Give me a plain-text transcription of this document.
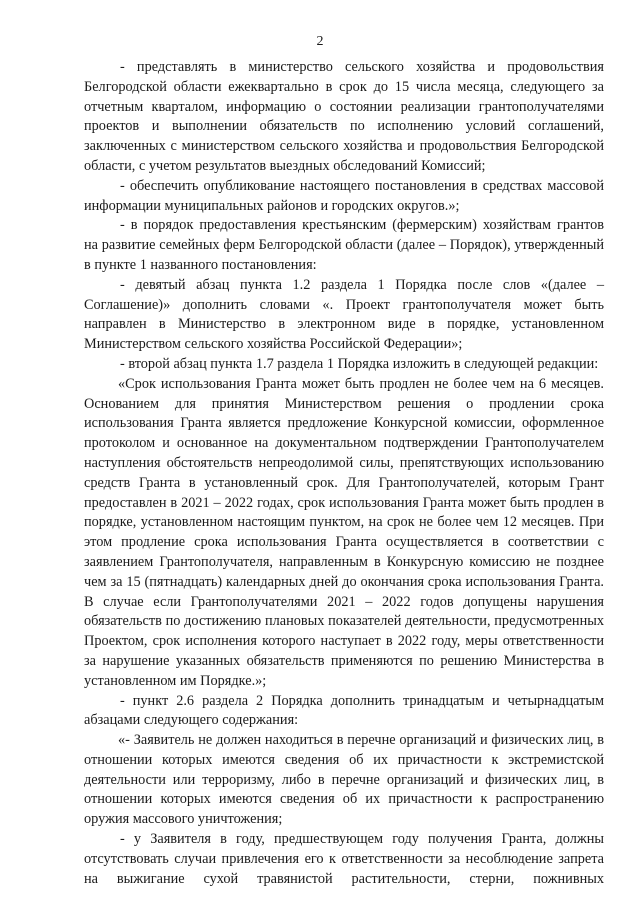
2

- представлять в министерство сельского хозяйства и продовольствия Белгородской области ежеквартально в срок до 15 числа месяца, следующего за отчетным кварталом, информацию о состоянии реализации грантополучателями проектов и выполнении обязательств по исполнению условий соглашений, заключенных с министерством сельского хозяйства и продовольствия Белгородской области, с учетом результатов выездных обследований Комиссий;

- обеспечить опубликование настоящего постановления в средствах массовой информации муниципальных районов и городских округов.»;

- в порядок предоставления крестьянским (фермерским) хозяйствам грантов на развитие семейных ферм Белгородской области (далее – Порядок), утвержденный в пункте 1 названного постановления:

- девятый абзац пункта 1.2 раздела 1 Порядка после слов «(далее – Соглашение)» дополнить словами «. Проект грантополучателя может быть направлен в Министерство в электронном виде в порядке, установленном Министерством сельского хозяйства Российской Федерации»;

- второй абзац пункта 1.7 раздела 1 Порядка изложить в следующей редакции:

«Срок использования Гранта может быть продлен не более чем на 6 месяцев. Основанием для принятия Министерством решения о продлении срока использования Гранта является предложение Конкурсной комиссии, оформленное протоколом и основанное на документальном подтверждении Грантополучателем наступления обстоятельств непреодолимой силы, препятствующих использованию средств Гранта в установленный срок. Для Грантополучателей, которым Грант предоставлен в 2021 – 2022 годах, срок использования Гранта может быть продлен в порядке, установленном настоящим пунктом, на срок не более чем 12 месяцев. При этом продление срока использования Гранта осуществляется в соответствии с заявлением Грантополучателя, направленным в Конкурсную комиссию не позднее чем за 15 (пятнадцать) календарных дней до окончания срока использования Гранта. В случае если Грантополучателями 2021 – 2022 годов допущены нарушения обязательств по достижению плановых показателей деятельности, предусмотренных Проектом, срок исполнения которого наступает в 2022 году, меры ответственности за нарушение указанных обязательств применяются по решению Министерства в установленном им Порядке.»;

- пункт 2.6 раздела 2 Порядка дополнить тринадцатым и четырнадцатым абзацами следующего содержания:

«- Заявитель не должен находиться в перечне организаций и физических лиц, в отношении которых имеются сведения об их причастности к экстремистской деятельности или терроризму, либо в перечне организаций и физических лиц, в отношении которых имеются сведения об их причастности к распространению оружия массового уничтожения;

- у Заявителя в году, предшествующем году получения Гранта, должны отсутствовать случаи привлечения его к ответственности за несоблюдение запрета на выжигание сухой травянистой растительности, стерни, пожнивных
